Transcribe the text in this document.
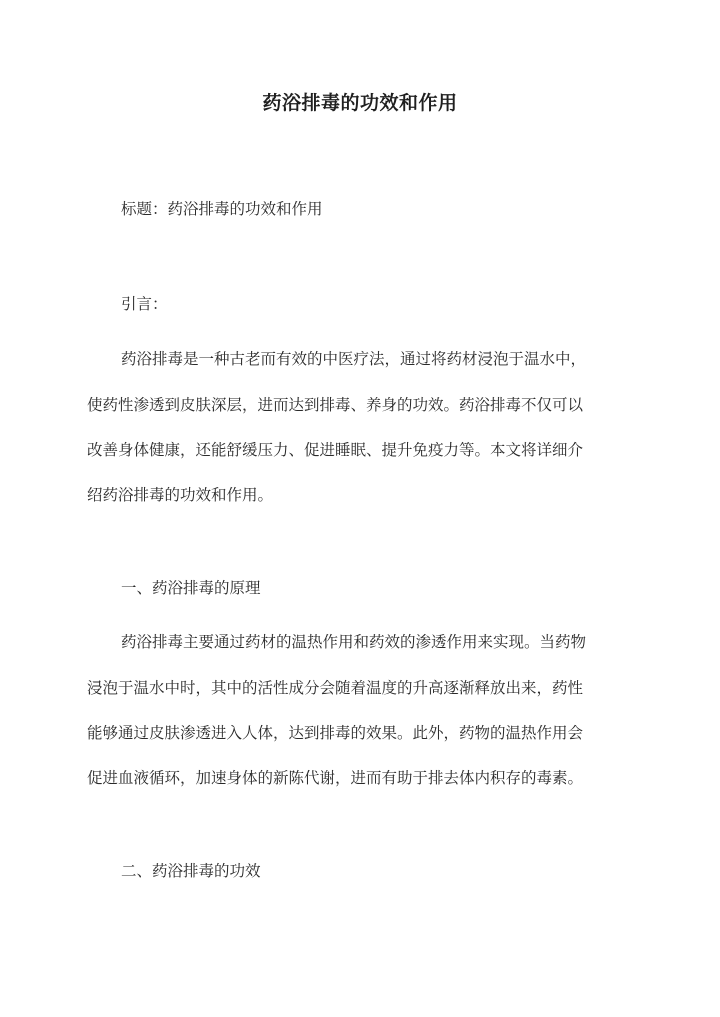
药浴排毒的功效和作用
标题：药浴排毒的功效和作用
引言：
药浴排毒是一种古老而有效的中医疗法，通过将药材浸泡于温水中，
使药性渗透到皮肤深层，进而达到排毒、养身的功效。药浴排毒不仅可以
改善身体健康，还能舒缓压力、促进睡眠、提升免疫力等。本文将详细介
绍药浴排毒的功效和作用。
一、药浴排毒的原理
药浴排毒主要通过药材的温热作用和药效的渗透作用来实现。当药物
浸泡于温水中时，其中的活性成分会随着温度的升高逐渐释放出来，药性
能够通过皮肤渗透进入人体，达到排毒的效果。此外，药物的温热作用会
促进血液循环，加速身体的新陈代谢，进而有助于排去体内积存的毒素。
二、药浴排毒的功效
